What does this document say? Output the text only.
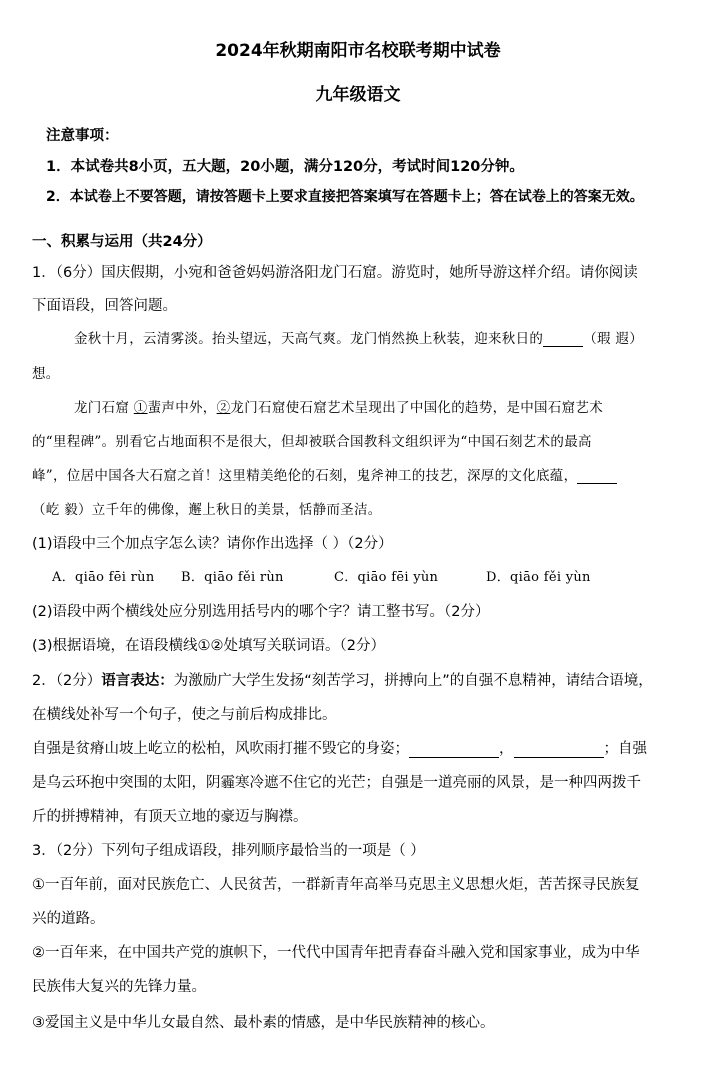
2024年秋期南阳市名校联考期中试卷
九年级语文
注意事项：
1．本试卷共8小页，五大题，20小题，满分120分，考试时间120分钟。
2．本试卷上不要答题，请按答题卡上要求直接把答案填写在答题卡上；答在试卷上的答案无效。
一、积累与运用（共24分）
1．（6分）国庆假期，小宛和爸爸妈妈游洛阳龙门石窟。游览时，她所导游这样介绍。请你阅读
下面语段，回答问题。
金秋十月，云清雾淡。抬头望远，天高气爽。龙门悄然换上秋装，迎来秋日的	（瑕 遐）
想。
龙门石窟 ①蜚声中外，②龙门石窟使石窟艺术呈现出了中国化的趋势，是中国石窟艺术
的“里程碑”。别看它占地面积不是很大，但却被联合国教科文组织评为“中国石刻艺术的最高
峰”，位居中国各大石窟之首！这里精美绝伦的石刻，鬼斧神工的技艺，深厚的文化底蕴，
（屹 毅）立千年的佛像，邂上秋日的美景，恬静而圣洁。
(1)语段中三个加点字怎么读？请你作出选择（ ）（2分）
A．qiāo fēi rùn B．qiāo fěi rùn	C．qiāo fēi yùn	D．qiāo fěi yùn
(2)语段中两个横线处应分别选用括号内的哪个字？请工整书写。（2分）
(3)根据语境，在语段横线①②处填写关联词语。（2分）
2．（2分）语言表达：为激励广大学生发扬“刻苦学习，拼搏向上”的自强不息精神，请结合语境，
在横线处补写一个句子，使之与前后构成排比。
自强是贫瘠山坡上屹立的松柏，风吹雨打摧不毁它的身姿；	，	；自强
是乌云环抱中突围的太阳，阴霾寒冷遮不住它的光芒；自强是一道亮丽的风景，是一种四两拨千
斤的拼搏精神，有顶天立地的豪迈与胸襟。
3．（2分）下列句子组成语段，排列顺序最恰当的一项是（ ）
①一百年前，面对民族危亡、人民贫苦，一群新青年高举马克思主义思想火炬，苦苦探寻民族复
兴的道路。
②一百年来，在中国共产党的旗帜下，一代代中国青年把青春奋斗融入党和国家事业，成为中华
民族伟大复兴的先锋力量。
③爱国主义是中华儿女最自然、最朴素的情感，是中华民族精神的核心。
